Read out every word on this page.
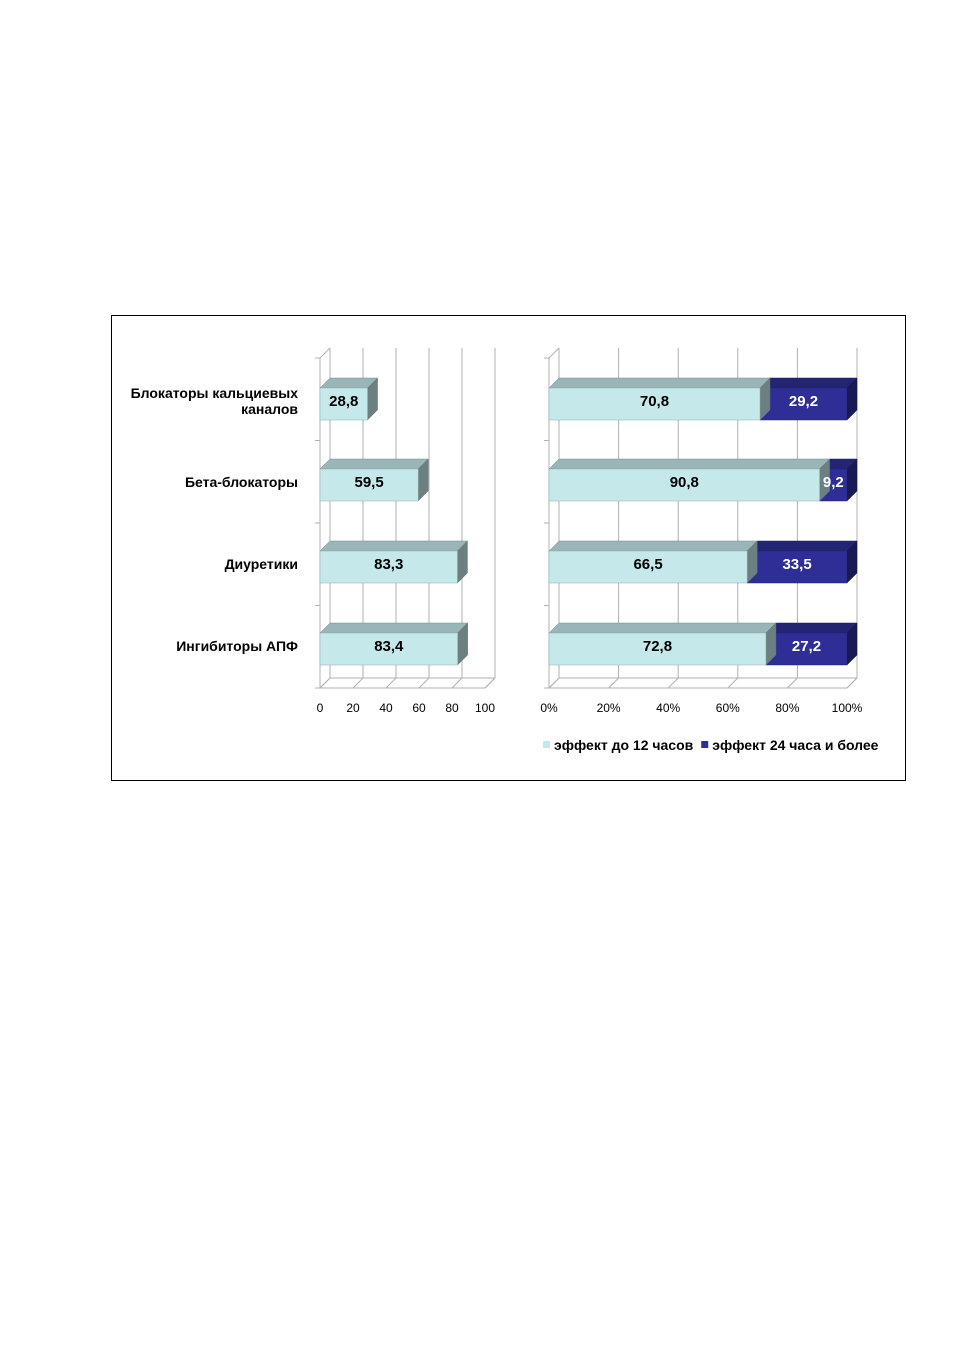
0 20 40 60 80 100
28,8
59,5
83,3
83,4
Блокаторы кальциевых
каналов
Бета-блокаторы
Диуретики
Ингибиторы АПФ
0%	20%	40%	60%	80%	100%
70,8	29,2
90,8	9,2
66,5	33,5
72,8	27,2
эффект до 12 часов эффект 24 часа и более
